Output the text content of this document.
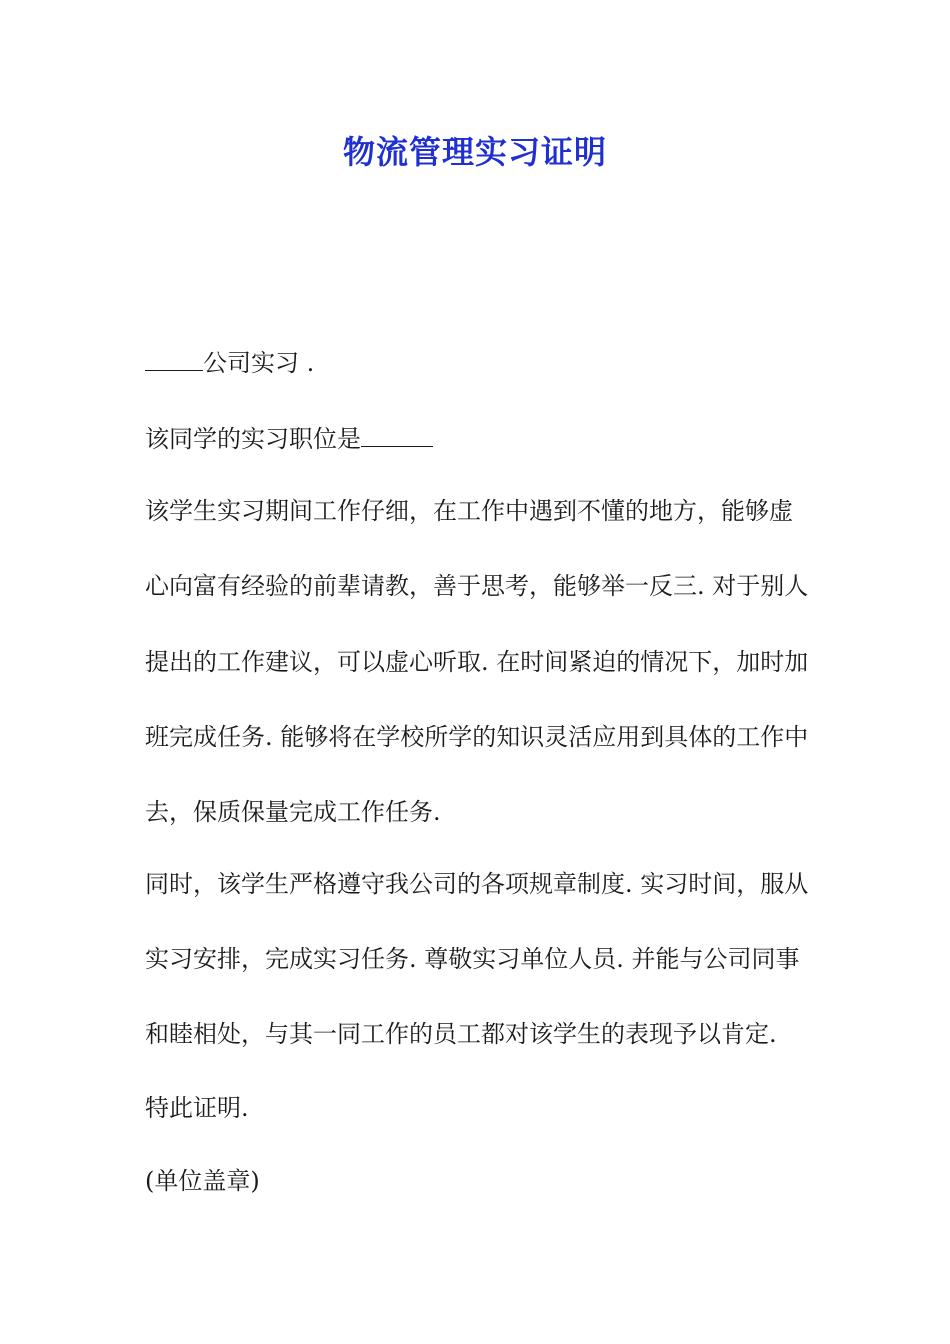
物流管理实习证明
公司实习 .
该同学的实习职位是
该学生实习期间工作仔细，在工作中遇到不懂的地方，能够虚
心向富有经验的前辈请教，善于思考，能够举一反三. 对于别人
提出的工作建议，可以虚心听取. 在时间紧迫的情况下，加时加
班完成任务. 能够将在学校所学的知识灵活应用到具体的工作中
去，保质保量完成工作任务.
同时，该学生严格遵守我公司的各项规章制度. 实习时间，服从
实习安排，完成实习任务. 尊敬实习单位人员. 并能与公司同事
和睦相处，与其一同工作的员工都对该学生的表现予以肯定.
特此证明.
(单位盖章)
